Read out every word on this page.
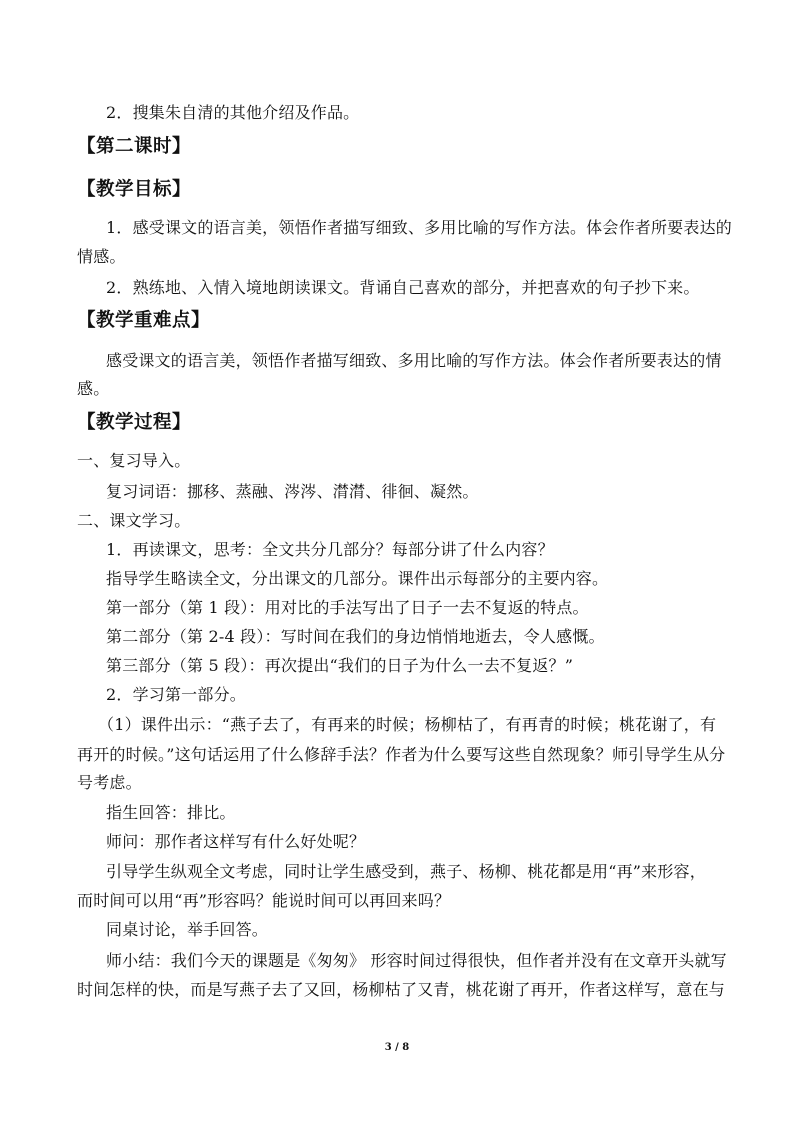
2．搜集朱自清的其他介绍及作品。
【第二课时】
【教学目标】
1．感受课文的语言美，领悟作者描写细致、多用比喻的写作方法。体会作者所要表达的
情感。
2．熟练地、入情入境地朗读课文。背诵自己喜欢的部分，并把喜欢的句子抄下来。
【教学重难点】
感受课文的语言美，领悟作者描写细致、多用比喻的写作方法。体会作者所要表达的情
感。
【教学过程】
一、复习导入。
复习词语：挪移、蒸融、涔涔、潸潸、徘徊、凝然。
二、课文学习。
1．再读课文，思考：全文共分几部分？每部分讲了什么内容？
指导学生略读全文，分出课文的几部分。课件出示每部分的主要内容。
第一部分（第 1 段）：用对比的手法写出了日子一去不复返的特点。
第二部分（第 2-4 段）：写时间在我们的身边悄悄地逝去，令人感慨。
第三部分（第 5 段）：再次提出“我们的日子为什么一去不复返？”
2．学习第一部分。
（1）课件出示：“燕子去了，有再来的时候；杨柳枯了，有再青的时候；桃花谢了，有
再开的时候。”这句话运用了什么修辞手法？作者为什么要写这些自然现象？师引导学生从分
号考虑。
指生回答：排比。
师问：那作者这样写有什么好处呢？
引导学生纵观全文考虑，同时让学生感受到，燕子、杨柳、桃花都是用“再”来形容，
而时间可以用“再”形容吗？能说时间可以再回来吗？
同桌讨论，举手回答。
师小结：我们今天的课题是《匆匆》 形容时间过得很快，但作者并没有在文章开头就写
时间怎样的快，而是写燕子去了又回，杨柳枯了又青，桃花谢了再开，作者这样写，意在与
3 / 8
